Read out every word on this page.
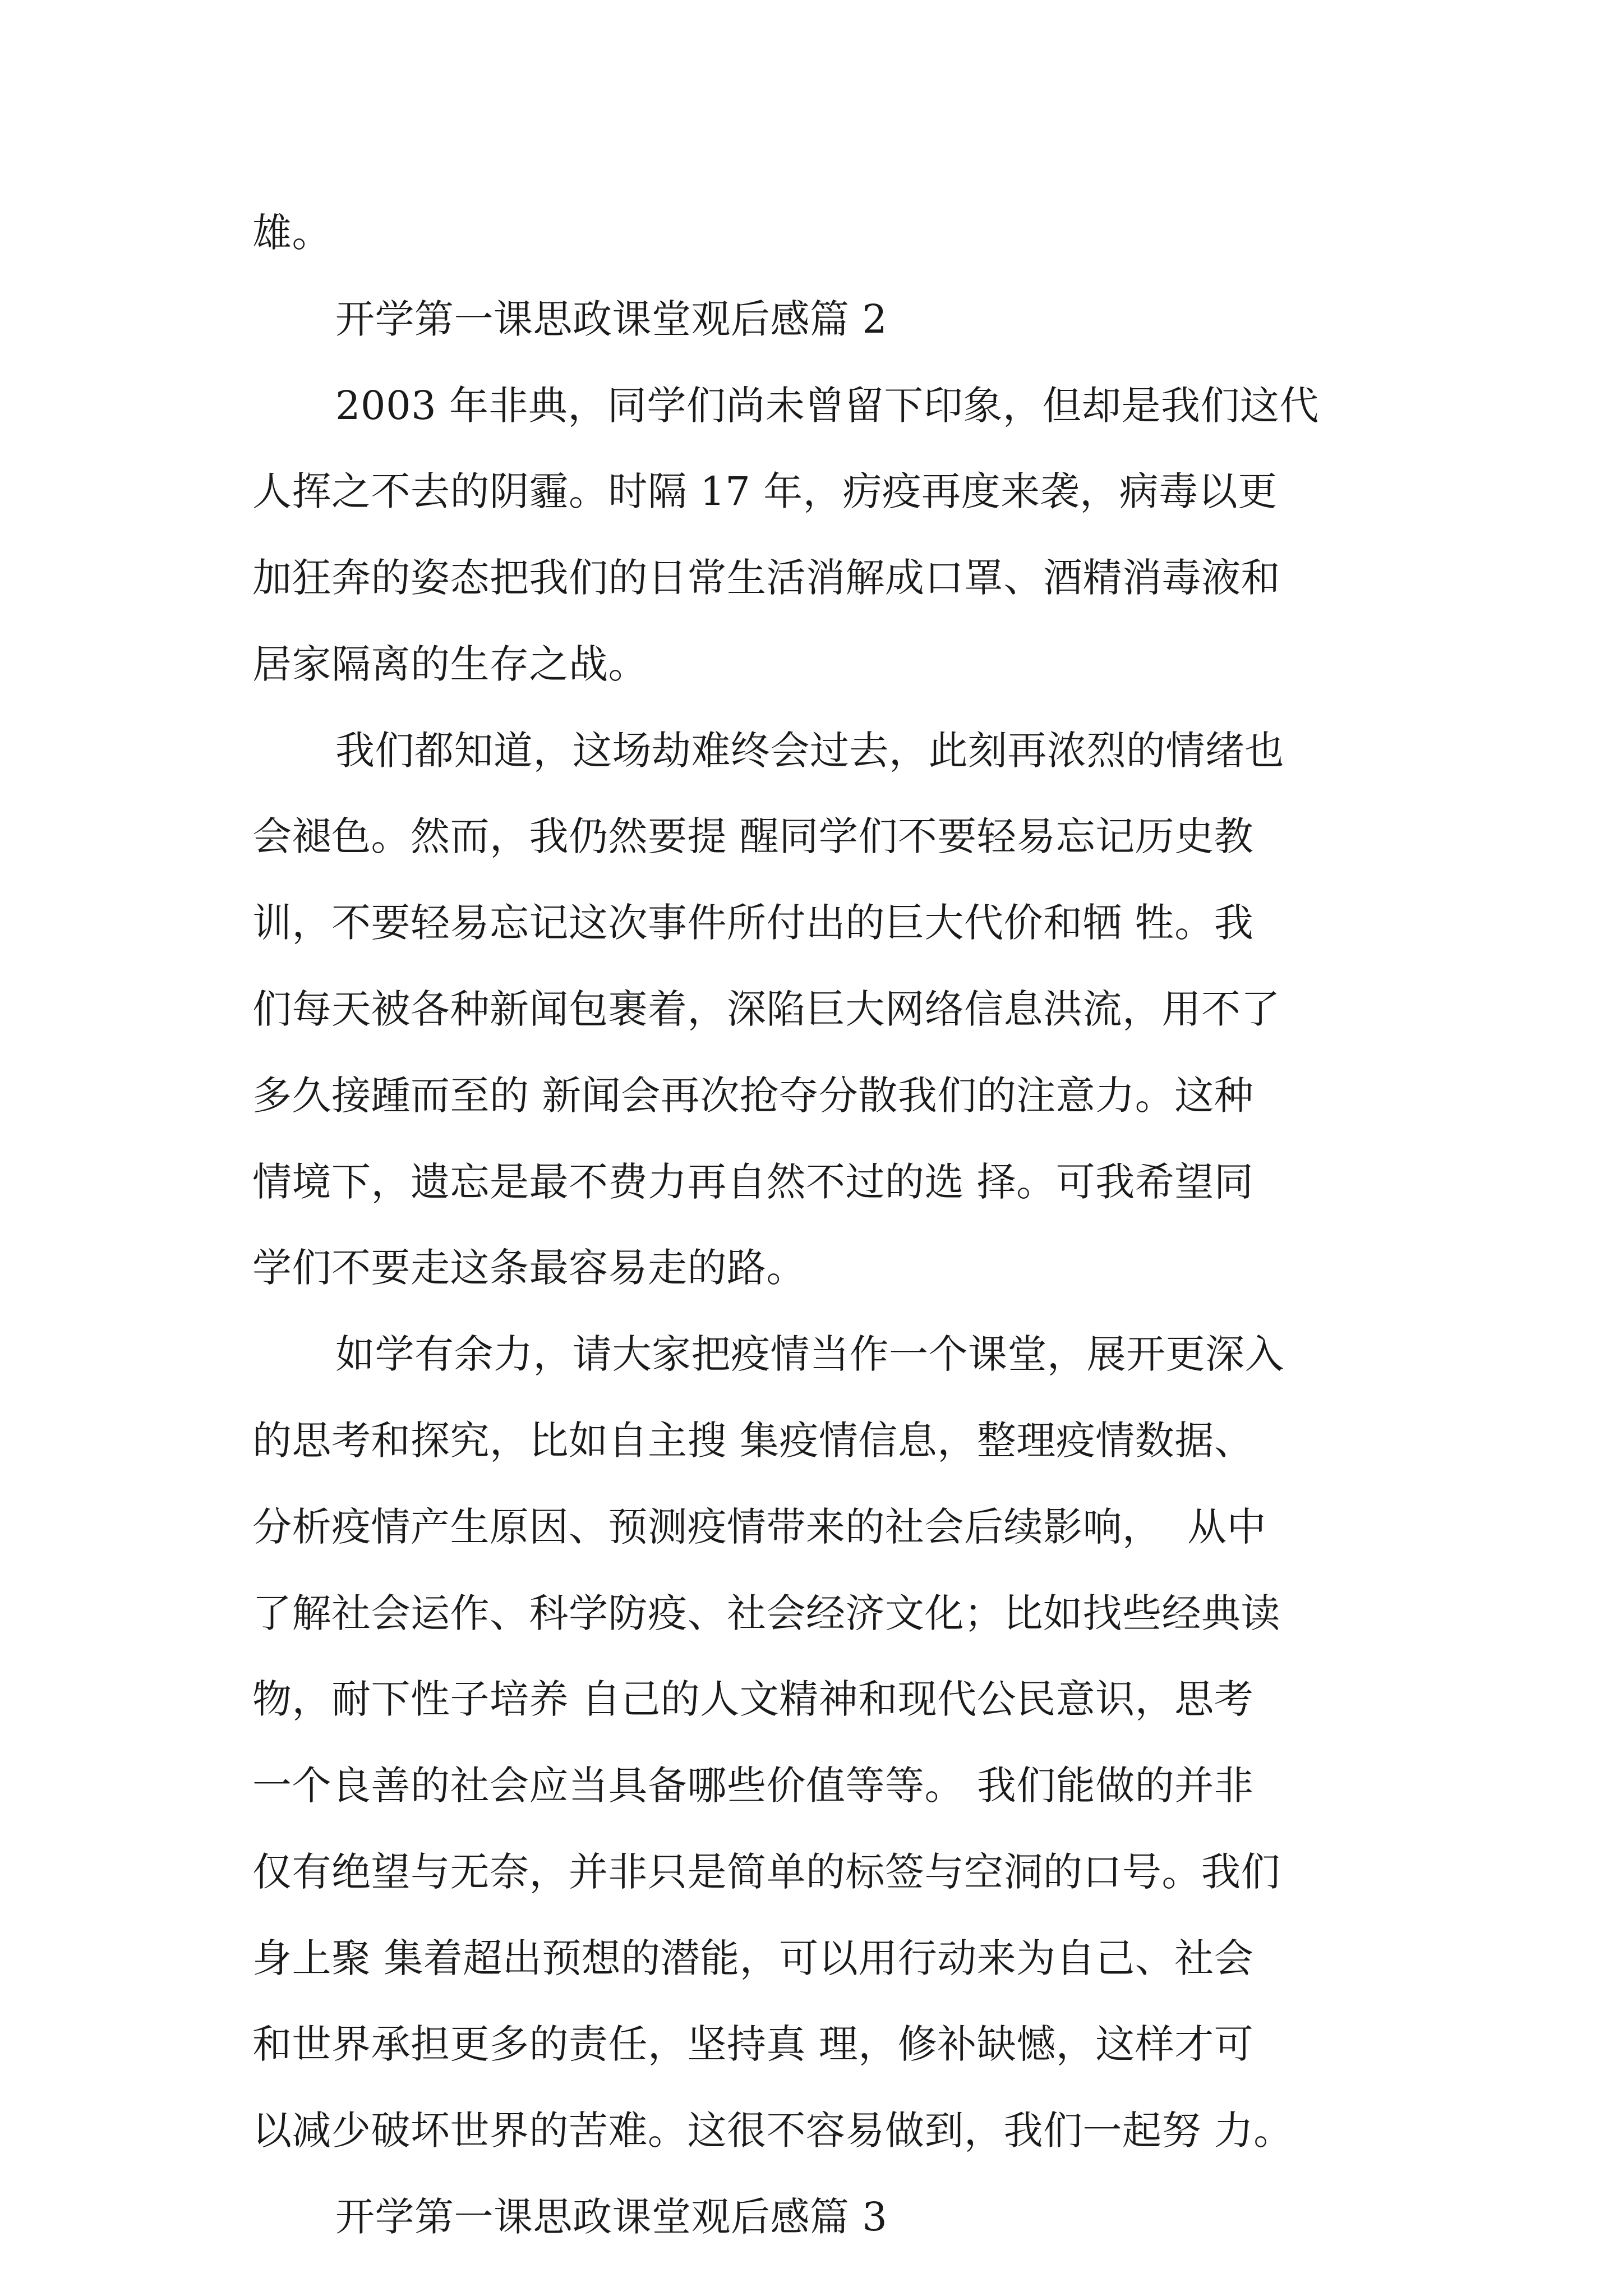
雄。
开学第一课思政课堂观后感篇 2
2003 年非典，同学们尚未曾留下印象，但却是我们这代
人挥之不去的阴霾。时隔 17 年，疠疫再度来袭，病毒以更
加狂奔的姿态把我们的日常生活消解成口罩、酒精消毒液和
居家隔离的生存之战。
我们都知道，这场劫难终会过去，此刻再浓烈的情绪也
会褪色。然而，我仍然要提 醒同学们不要轻易忘记历史教
训，不要轻易忘记这次事件所付出的巨大代价和牺 牲。我
们每天被各种新闻包裹着，深陷巨大网络信息洪流，用不了
多久接踵而至的 新闻会再次抢夺分散我们的注意力。这种
情境下，遗忘是最不费力再自然不过的选 择。可我希望同
学们不要走这条最容易走的路。
如学有余力，请大家把疫情当作一个课堂，展开更深入
的思考和探究，比如自主搜 集疫情信息，整理疫情数据、
分析疫情产生原因、预测疫情带来的社会后续影响，  从中
了解社会运作、科学防疫、社会经济文化；比如找些经典读
物，耐下性子培养 自己的人文精神和现代公民意识，思考
一个良善的社会应当具备哪些价值等等。 我们能做的并非
仅有绝望与无奈，并非只是简单的标签与空洞的口号。我们
身上聚 集着超出预想的潜能，可以用行动来为自己、社会
和世界承担更多的责任，坚持真 理，修补缺憾，这样才可
以减少破坏世界的苦难。这很不容易做到，我们一起努 力。
开学第一课思政课堂观后感篇 3
